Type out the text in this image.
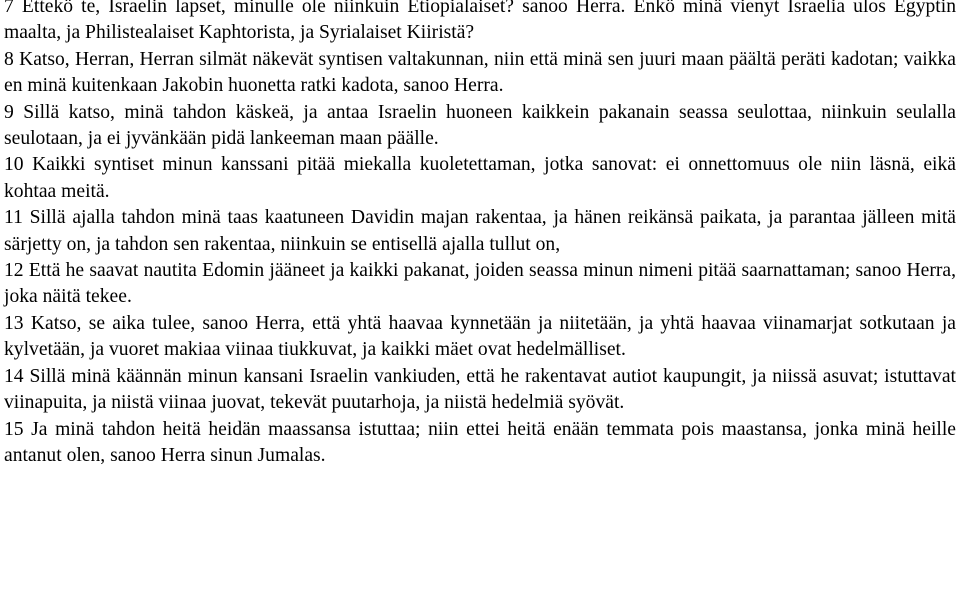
7 Ettekö te, Israelin lapset, minulle ole niinkuin Etiopialaiset? sanoo Herra. Enkö minä vienyt Israelia ulos Egyptin maalta, ja Philistealaiset Kaphtorista, ja Syrialaiset Kiiristä?

8 Katso, Herran, Herran silmät näkevät syntisen valtakunnan, niin että minä sen juuri maan päältä peräti kadotan; vaikka en minä kuitenkaan Jakobin huonetta ratki kadota, sanoo Herra.

9 Sillä katso, minä tahdon käskeä, ja antaa Israelin huoneen kaikkein pakanain seassa seulottaa, niinkuin seulalla seulotaan, ja ei jyvänkään pidä lankeeman maan päälle.

10 Kaikki syntiset minun kanssani pitää miekalla kuoletettaman, jotka sanovat: ei onnettomuus ole niin läsnä, eikä kohtaa meitä.

11 Sillä ajalla tahdon minä taas kaatuneen Davidin majan rakentaa, ja hänen reikänsä paikata, ja parantaa jälleen mitä särjetty on, ja tahdon sen rakentaa, niinkuin se entisellä ajalla tullut on,

12 Että he saavat nautita Edomin jääneet ja kaikki pakanat, joiden seassa minun nimeni pitää saarnattaman; sanoo Herra, joka näitä tekee.

13 Katso, se aika tulee, sanoo Herra, että yhtä haavaa kynnetään ja niitetään, ja yhtä haavaa viinamarjat sotkutaan ja kylvetään, ja vuoret makiaa viinaa tiukkuvat, ja kaikki mäet ovat hedelmälliset.

14 Sillä minä käännän minun kansani Israelin vankiuden, että he rakentavat autiot kaupungit, ja niissä asuvat; istuttavat viinapuita, ja niistä viinaa juovat, tekevät puutarhoja, ja niistä hedelmiä syövät.

15 Ja minä tahdon heitä heidän maassansa istuttaa; niin ettei heitä enään temmata pois maastansa, jonka minä heille antanut olen, sanoo Herra sinun Jumalas.
